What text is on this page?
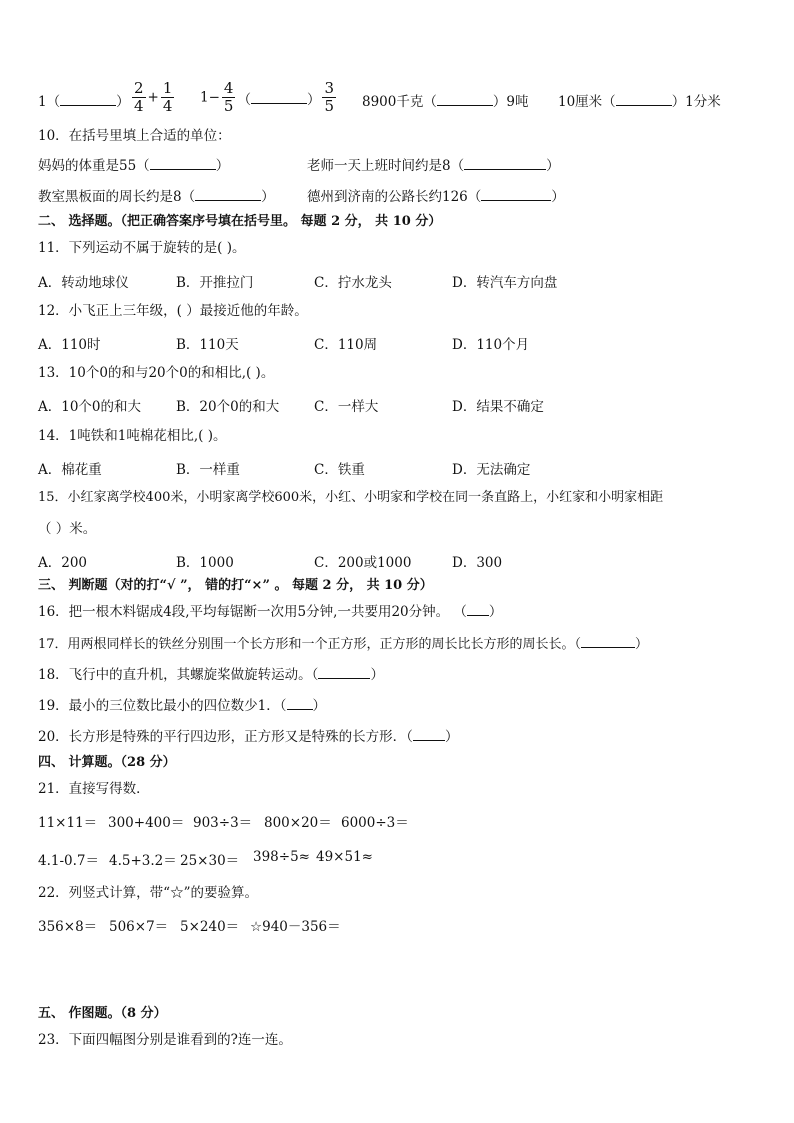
1（	） $\frac{2}{4} + \frac{1}{4} 1- \frac{4}{5}$ （	） $\frac{3}{5} 8900$千克（	）9吨 10厘米（	）1分米
10．在括号里填上合适的单位：
妈妈的体重是55（	）	老师一天上班时间约是8（	）
教室黑板面的周长约是8（	） 德州到济南的公路长约126（	）
二、 选择题。（把正确答案序号填在括号里。 每题 2 分， 共 10 分）
11．下列运动不属于旋转的是( )。
A．转动地球仪	B．开推拉门	C．拧水龙头	D．转汽车方向盘
12．小飞正上三年级，( ）最接近他的年龄。
A．110时	B．110天	C．110周	D．110个月
13．10个0的和与20个0的和相比,( )。
A．10个0的和大	B．20个0的和大	C．一样大	D．结果不确定
14．1吨铁和1吨棉花相比,( )。
A．棉花重	B．一样重	C．铁重	D．无法确定
15．小红家离学校400米，小明家离学校600米，小红、小明家和学校在同一条直路上，小红家和小明家相距
（ ）米。
A．200	B．1000	C．200或1000	D．300
三、 判断题（对的打“√ ”， 错的打“×” 。 每题 2 分， 共 10 分）
16．把一根木料锯成4段,平均每锯断一次用5分钟,一共要用20分钟。 （ ）
17．用两根同样长的铁丝分别围一个长方形和一个正方形，正方形的周长比长方形的周长长。（	）
18．飞行中的直升机，其螺旋桨做旋转运动。（	）
19．最小的三位数比最小的四位数少1．（ ）
20．长方形是特殊的平行四边形，正方形又是特殊的长方形．（ ）
四、 计算题。（28 分）
21．直接写得数．
11×11＝ 300+400＝ 903÷3＝ 800×20＝ 6000÷3＝
4.1-0.7＝ 4.5+3.2＝ 25×30＝ 398÷5≈ 49×51≈
22．列竖式计算，带“☆”的要验算。
356×8＝ 506×7＝ 5×240＝ ☆940－356＝
五、 作图题。（8 分）
23．下面四幅图分别是谁看到的?连一连。
